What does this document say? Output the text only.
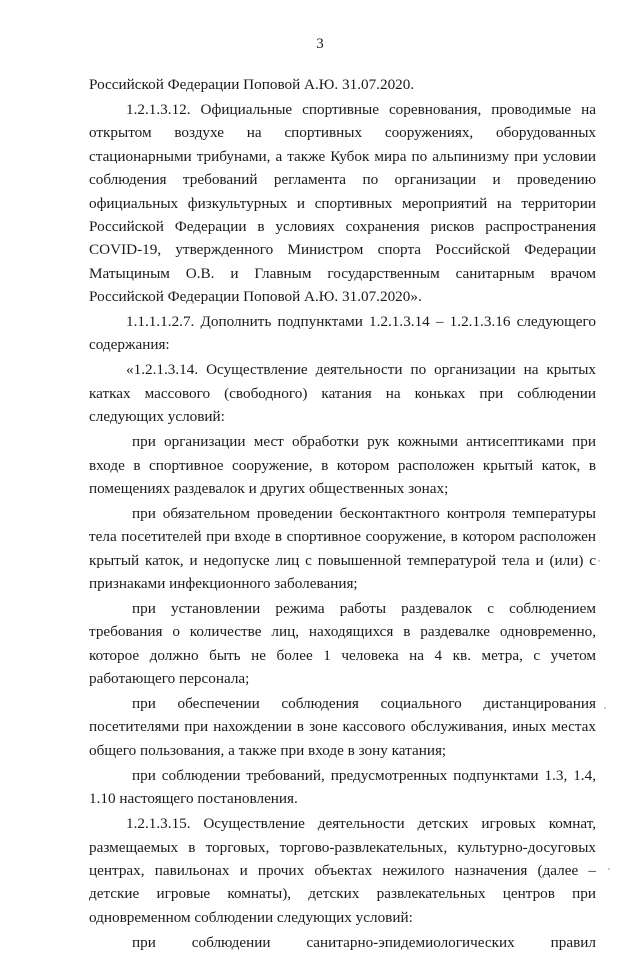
3

Российской Федерации Поповой А.Ю. 31.07.2020.

1.2.1.3.12. Официальные спортивные соревнования, проводимые на открытом воздухе на спортивных сооружениях, оборудованных стационарными трибунами, а также Кубок мира по альпинизму при условии соблюдения требований регламента по организации и проведению официальных физкультурных и спортивных мероприятий на территории Российской Федерации в условиях сохранения рисков распространения COVID-19, утвержденного Министром спорта Российской Федерации Матыциным О.В. и Главным государственным санитарным врачом Российской Федерации Поповой А.Ю. 31.07.2020».

1.1.1.1.2.7. Дополнить подпунктами 1.2.1.3.14 – 1.2.1.3.16 следующего содержания:

«1.2.1.3.14. Осуществление деятельности по организации на крытых катках массового (свободного) катания на коньках при соблюдении следующих условий:

при организации мест обработки рук кожными антисептиками при входе в спортивное сооружение, в котором расположен крытый каток, в помещениях раздевалок и других общественных зонах;

при обязательном проведении бесконтактного контроля температуры тела посетителей при входе в спортивное сооружение, в котором расположен крытый каток, и недопуске лиц с повышенной температурой тела и (или) с признаками инфекционного заболевания;

при установлении режима работы раздевалок с соблюдением требования о количестве лиц, находящихся в раздевалке одновременно, которое должно быть не более 1 человека на 4 кв. метра, с учетом работающего персонала;

при обеспечении соблюдения социального дистанцирования посетителями при нахождении в зоне кассового обслуживания, иных местах общего пользования, а также при входе в зону катания;

при соблюдении требований, предусмотренных подпунктами 1.3, 1.4, 1.10 настоящего постановления.

1.2.1.3.15. Осуществление деятельности детских игровых комнат, размещаемых в торговых, торгово-развлекательных, культурно-досуговых центрах, павильонах и прочих объектах нежилого назначения (далее – детские игровые комнаты), детских развлекательных центров при одновременном соблюдении следующих условий:

при соблюдении санитарно-эпидемиологических правил
